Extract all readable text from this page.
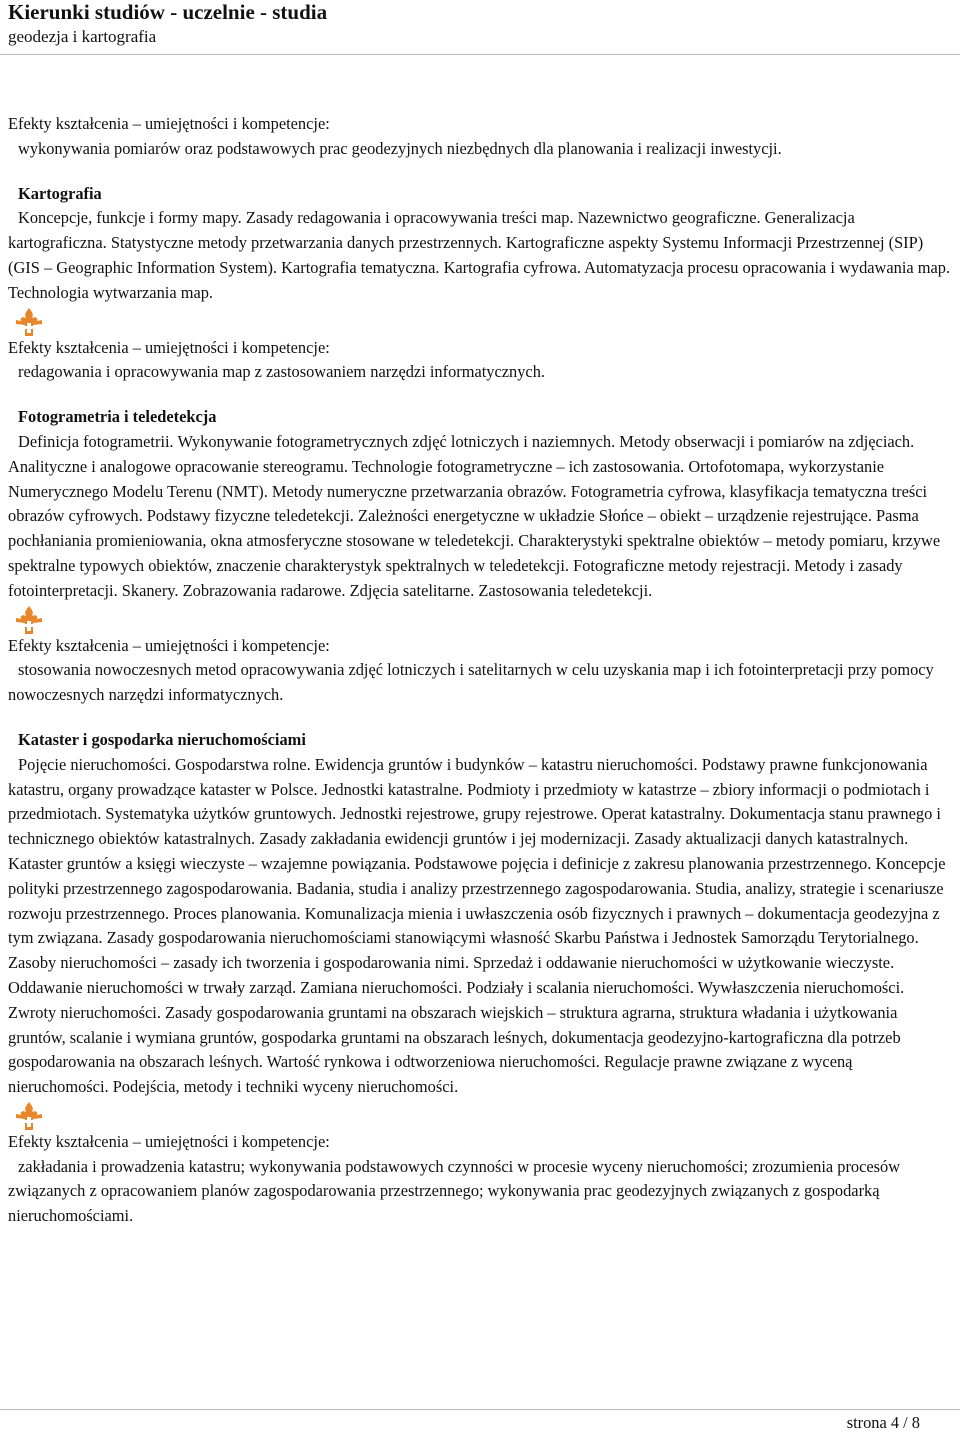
Kierunki studiów - uczelnie - studia
geodezja i kartografia
Efekty kształcenia – umiejętności i kompetencje:
wykonywania pomiarów oraz podstawowych prac geodezyjnych niezbędnych dla planowania i realizacji inwestycji.
Kartografia
Koncepcje, funkcje i formy mapy. Zasady redagowania i opracowywania treści map. Nazewnictwo geograficzne. Generalizacja kartograficzna. Statystyczne metody przetwarzania danych przestrzennych. Kartograficzne aspekty Systemu Informacji Przestrzennej (SIP) (GIS – Geographic Information System). Kartografia tematyczna. Kartografia cyfrowa. Automatyzacja procesu opracowania i wydawania map. Technologia wytwarzania map.
Efekty kształcenia – umiejętności i kompetencje:
redagowania i opracowywania map z zastosowaniem narzędzi informatycznych.
Fotogrametria i teledetekcja
Definicja fotogrametrii. Wykonywanie fotogrametrycznych zdjęć lotniczych i naziemnych. Metody obserwacji i pomiarów na zdjęciach. Analityczne i analogowe opracowanie stereogramu. Technologie fotogrametryczne – ich zastosowania. Ortofotomapa, wykorzystanie Numerycznego Modelu Terenu (NMT). Metody numeryczne przetwarzania obrazów. Fotogrametria cyfrowa, klasyfikacja tematyczna treści obrazów cyfrowych. Podstawy fizyczne teledetekcji. Zależności energetyczne w układzie Słońce – obiekt – urządzenie rejestrujące. Pasma pochłaniania promieniowania, okna atmosferyczne stosowane w teledetekcji. Charakterystyki spektralne obiektów – metody pomiaru, krzywe spektralne typowych obiektów, znaczenie charakterystyk spektralnych w teledetekcji. Fotograficzne metody rejestracji. Metody i zasady fotointerpretacji. Skanery. Zobrazowania radarowe. Zdjęcia satelitarne. Zastosowania teledetekcji.
Efekty kształcenia – umiejętności i kompetencje:
stosowania nowoczesnych metod opracowywania zdjęć lotniczych i satelitarnych w celu uzyskania map i ich fotointerpretacji przy pomocy nowoczesnych narzędzi informatycznych.
Kataster i gospodarka nieruchomościami
Pojęcie nieruchomości. Gospodarstwa rolne. Ewidencja gruntów i budynków – katastru nieruchomości. Podstawy prawne funkcjonowania katastru, organy prowadzące kataster w Polsce. Jednostki katastralne. Podmioty i przedmioty w katastrze – zbiory informacji o podmiotach i przedmiotach. Systematyka użytków gruntowych. Jednostki rejestrowe, grupy rejestrowe. Operat katastralny. Dokumentacja stanu prawnego i technicznego obiektów katastralnych. Zasady zakładania ewidencji gruntów i jej modernizacji. Zasady aktualizacji danych katastralnych. Kataster gruntów a księgi wieczyste – wzajemne powiązania. Podstawowe pojęcia i definicje z zakresu planowania przestrzennego. Koncepcje polityki przestrzennego zagospodarowania. Badania, studia i analizy przestrzennego zagospodarowania. Studia, analizy, strategie i scenariusze rozwoju przestrzennego. Proces planowania. Komunalizacja mienia i uwłaszczenia osób fizycznych i prawnych – dokumentacja geodezyjna z tym związana. Zasady gospodarowania nieruchomościami stanowiącymi własność Skarbu Państwa i Jednostek Samorządu Terytorialnego. Zasoby nieruchomości – zasady ich tworzenia i gospodarowania nimi. Sprzedaż i oddawanie nieruchomości w użytkowanie wieczyste. Oddawanie nieruchomości w trwały zarząd. Zamiana nieruchomości. Podziały i scalania nieruchomości. Wywłaszczenia nieruchomości. Zwroty nieruchomości. Zasady gospodarowania gruntami na obszarach wiejskich – struktura agrarna, struktura władania i użytkowania gruntów, scalanie i wymiana gruntów, gospodarka gruntami na obszarach leśnych, dokumentacja geodezyjno-kartograficzna dla potrzeb gospodarowania na obszarach leśnych. Wartość rynkowa i odtworzeniowa nieruchomości. Regulacje prawne związane z wyceną nieruchomości. Podejścia, metody i techniki wyceny nieruchomości.
Efekty kształcenia – umiejętności i kompetencje:
zakładania i prowadzenia katastru; wykonywania podstawowych czynności w procesie wyceny nieruchomości; zrozumienia procesów związanych z opracowaniem planów zagospodarowania przestrzennego; wykonywania prac geodezyjnych związanych z gospodarką nieruchomościami.
strona 4 / 8
